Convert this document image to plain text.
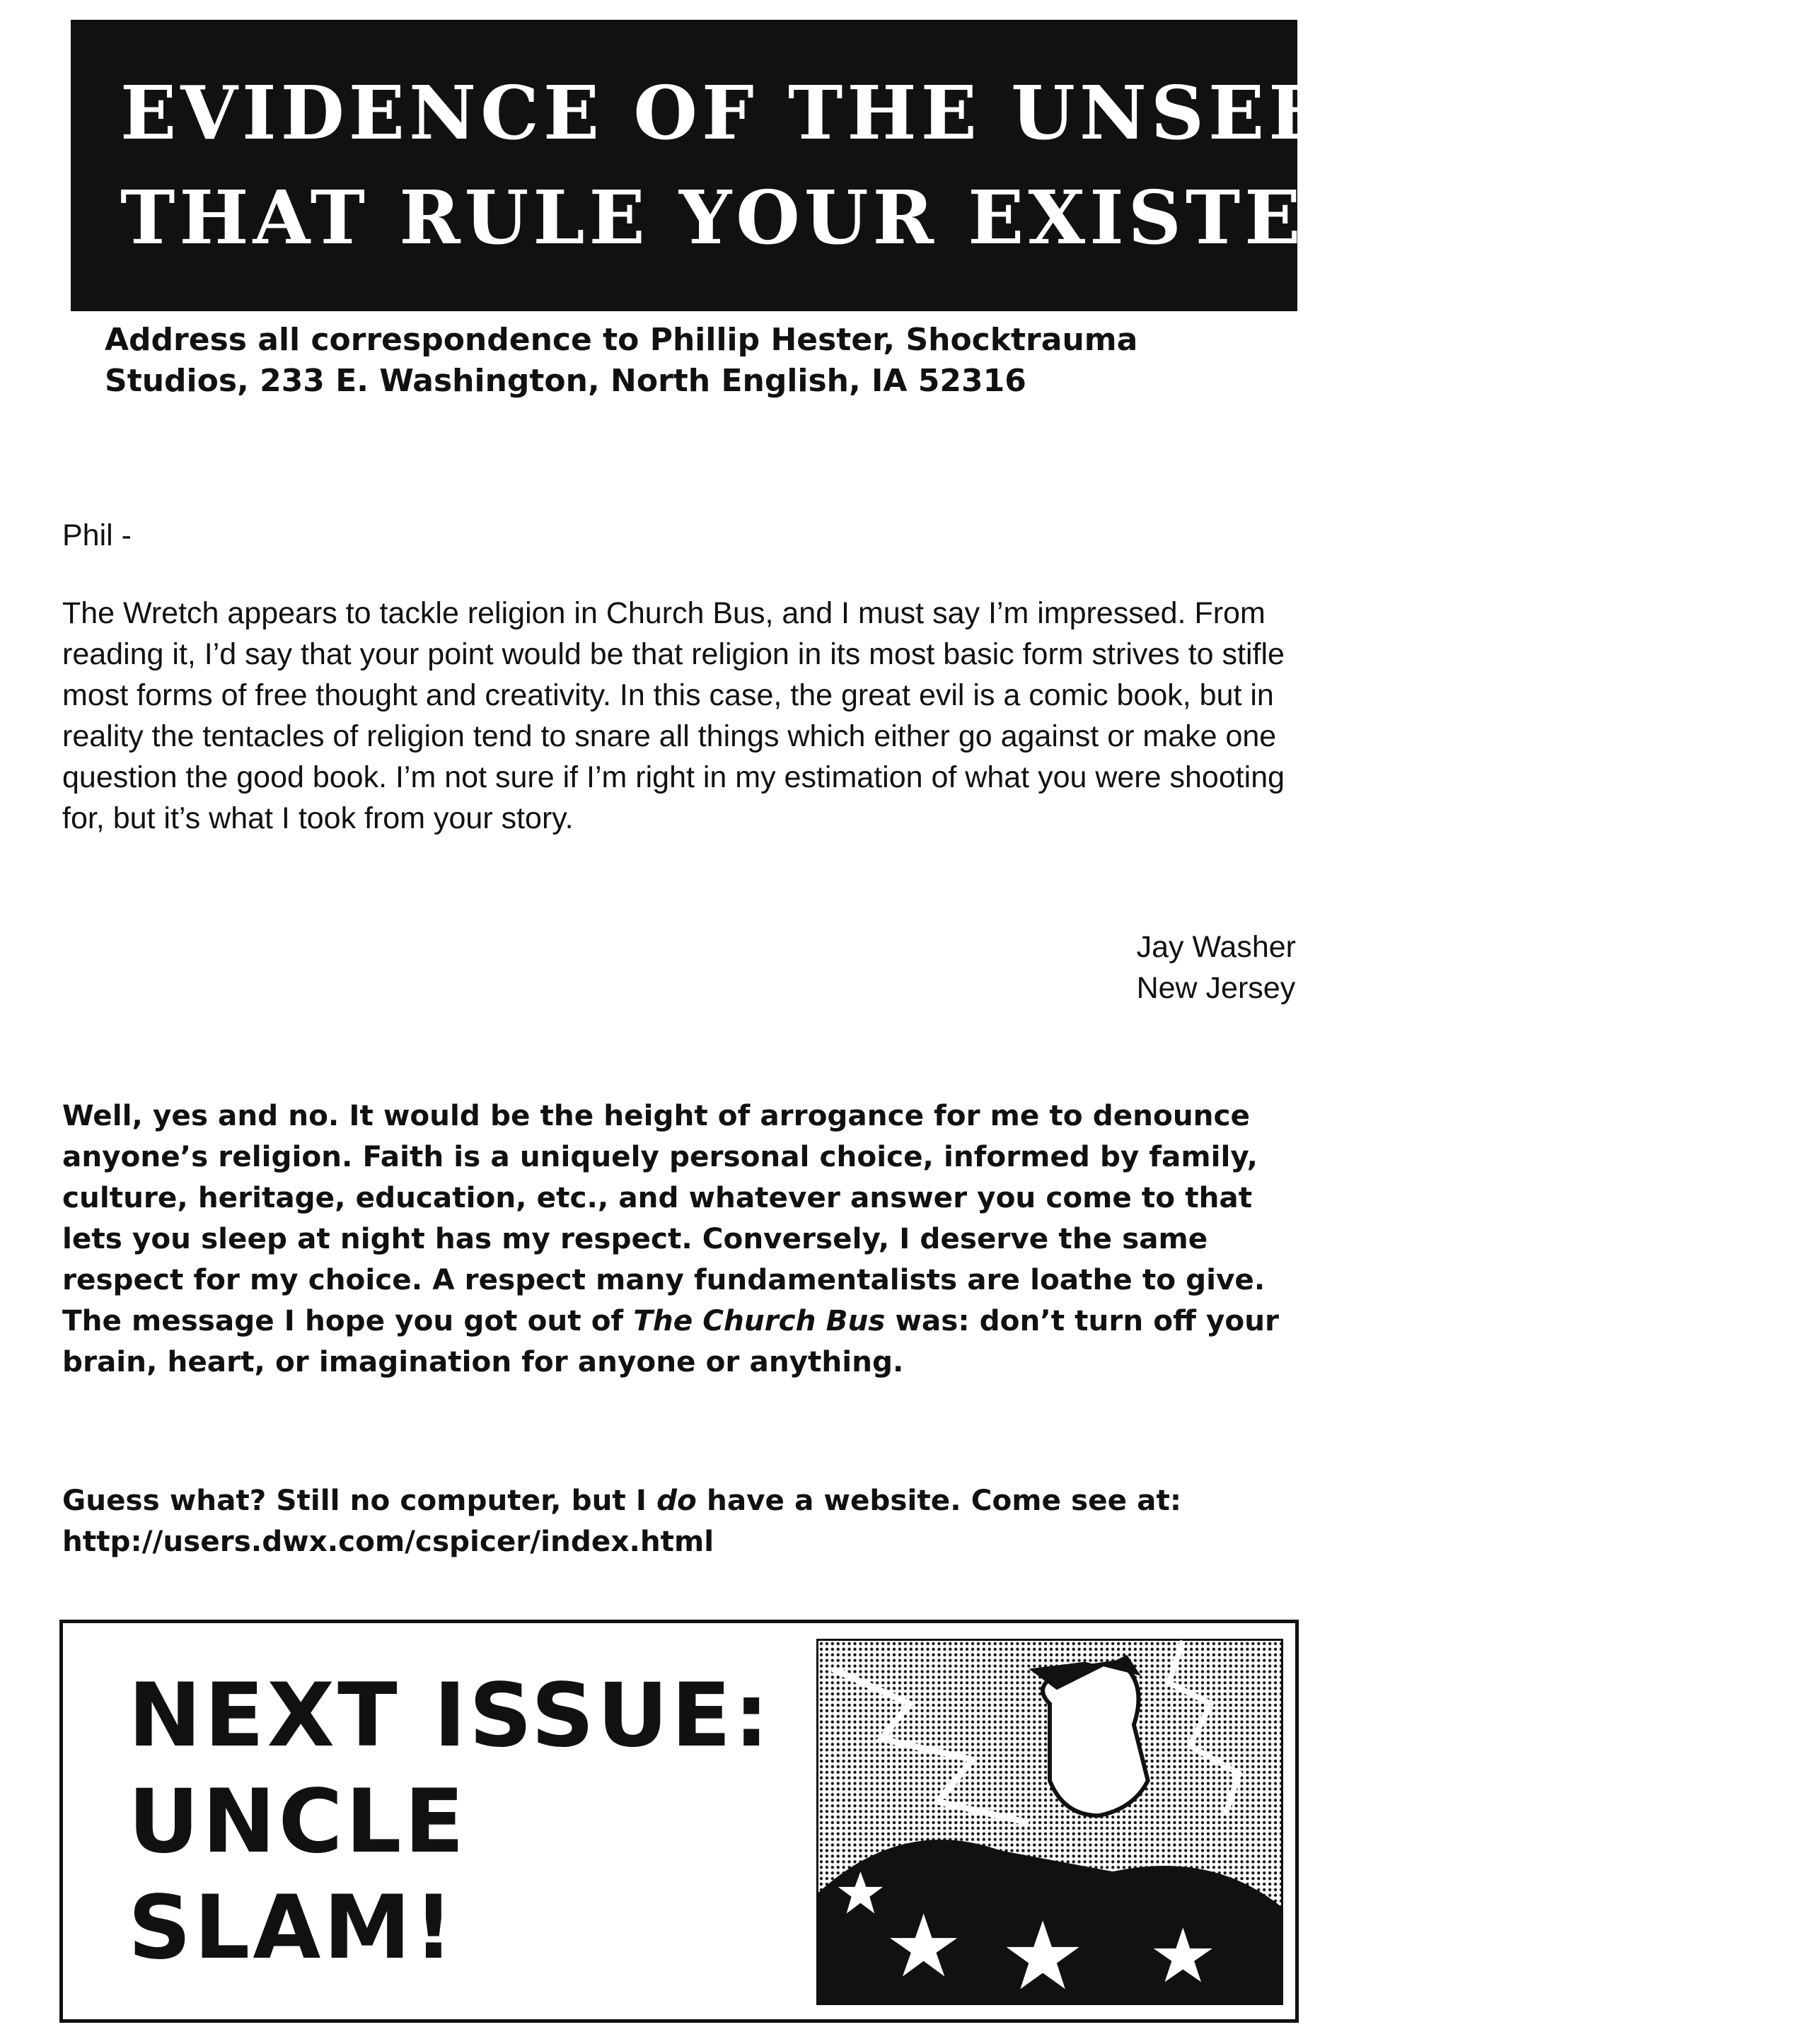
EVIDENCE OF THE UNSEEN FORCES
THAT RULE YOUR EXISTENCE
Address all correspondence to Phillip Hester, Shocktrauma
Studios, 233 E. Washington, North English, IA 52316
Phil -
The Wretch appears to tackle religion in Church Bus, and I must say I’m impressed. From reading it, I’d say that your point would be that religion in its most basic form strives to stifle most forms of free thought and creativity. In this case, the great evil is a comic book, but in reality the tentacles of religion tend to snare all things which either go against or make one question the good book. I’m not sure if I’m right in my estimation of what you were shooting for, but it’s what I took from your story.
Jay Washer
New Jersey
Well, yes and no. It would be the height of arrogance for me to denounce anyone’s religion. Faith is a uniquely personal choice, informed by family, culture, heritage, education, etc., and whatever answer you come to that lets you sleep at night has my respect. Conversely, I deserve the same respect for my choice. A respect many fundamentalists are loathe to give. The message I hope you got out of The Church Bus was: don’t turn off your brain, heart, or imagination for anyone or anything.
Guess what? Still no computer, but I do have a website. Come see at: http://users.dwx.com/cspicer/index.html
NEXT ISSUE:
UNCLE
SLAM!
